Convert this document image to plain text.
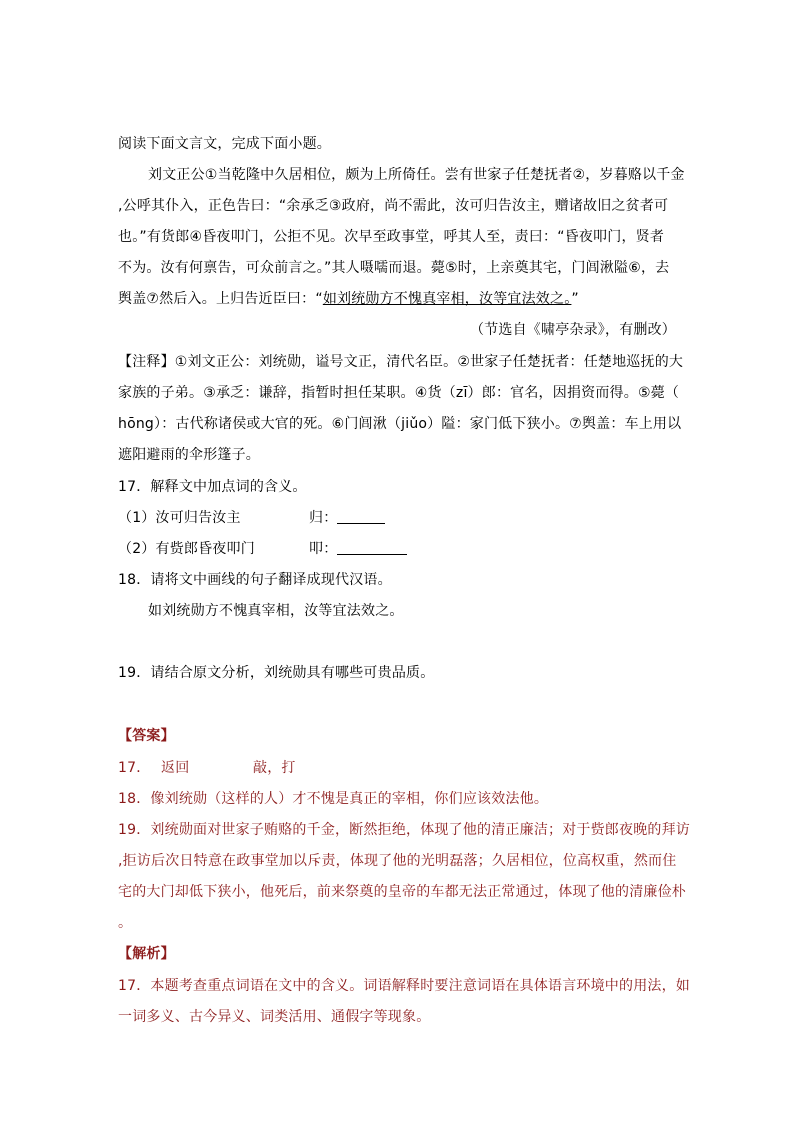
阅读下面文言文，完成下面小题。
刘文正公①当乾隆中久居相位，颇为上所倚任。尝有世家子任楚抚者②，岁暮赂以千金
,公呼其仆入，正色告曰：“余承乏③政府，尚不需此，汝可归告汝主，赠诸故旧之贫者可
也。”有货郎④昏夜叩门，公拒不见。次早至政事堂，呼其人至，责曰：“昏夜叩门，贤者
不为。汝有何禀告，可众前言之。”其人嗫嚅而退。薨⑤时，上亲奠其宅，门闾湫隘⑥，去
舆盖⑦然后入。上归告近臣曰：“如刘统勋方不愧真宰相，汝等宜法效之。”
（节选自《啸亭杂录》，有删改）
【注释】①刘文正公：刘统勋，谥号文正，清代名臣。②世家子任楚抚者：任楚地巡抚的大
家族的子弟。③承乏：谦辞，指暂时担任某职。④货（zī）郎：官名，因捐资而得。⑤薨（
hōng）：古代称诸侯或大官的死。⑥门闾湫（jiǔo）隘：家门低下狭小。⑦舆盖：车上用以
遮阳避雨的伞形篷子。
17．解释文中加点词的含义。
（1）汝可归告汝主	归：
（2）有赀郎昏夜叩门	叩：
18．请将文中画线的句子翻译成现代汉语。
如刘统勋方不愧真宰相，汝等宜法效之。
19．请结合原文分析，刘统勋具有哪些可贵品质。
【答案】
17． 返回	敲，打
18．像刘统勋（这样的人）才不愧是真正的宰相，你们应该效法他。
19．刘统勋面对世家子贿赂的千金，断然拒绝，体现了他的清正廉洁；对于赀郎夜晚的拜访
,拒访后次日特意在政事堂加以斥责，体现了他的光明磊落；久居相位，位高权重，然而住
宅的大门却低下狭小，他死后，前来祭奠的皇帝的车都无法正常通过，体现了他的清廉俭朴
。
【解析】
17．本题考查重点词语在文中的含义。词语解释时要注意词语在具体语言环境中的用法，如
一词多义、古今异义、词类活用、通假字等现象。
